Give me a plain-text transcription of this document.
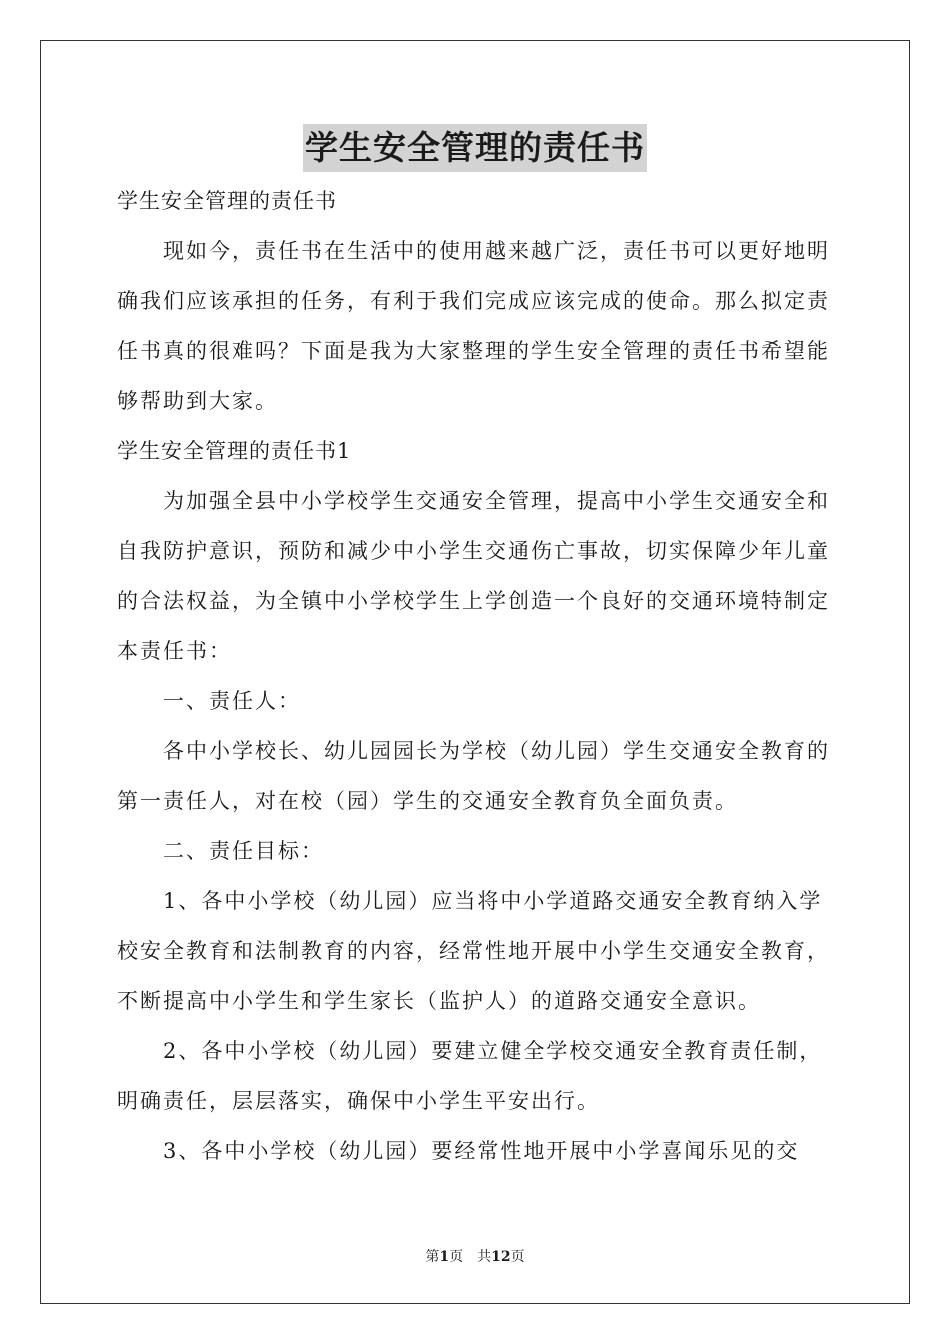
学生安全管理的责任书

学生安全管理的责任书

现如今，责任书在生活中的使用越来越广泛，责任书可以更好地明确我们应该承担的任务，有利于我们完成应该完成的使命。那么拟定责任书真的很难吗？下面是我为大家整理的学生安全管理的责任书希望能够帮助到大家。

学生安全管理的责任书1

为加强全县中小学校学生交通安全管理，提高中小学生交通安全和自我防护意识，预防和减少中小学生交通伤亡事故，切实保障少年儿童的合法权益，为全镇中小学校学生上学创造一个良好的交通环境特制定本责任书：

一、责任人：

各中小学校长、幼儿园园长为学校（幼儿园）学生交通安全教育的第一责任人，对在校（园）学生的交通安全教育负全面负责。

二、责任目标：

1、各中小学校（幼儿园）应当将中小学道路交通安全教育纳入学校安全教育和法制教育的内容，经常性地开展中小学生交通安全教育，不断提高中小学生和学生家长（监护人）的道路交通安全意识。

2、各中小学校（幼儿园）要建立健全学校交通安全教育责任制，明确责任，层层落实，确保中小学生平安出行。

3、各中小学校（幼儿园）要经常性地开展中小学喜闻乐见的交

第1页　共12页
